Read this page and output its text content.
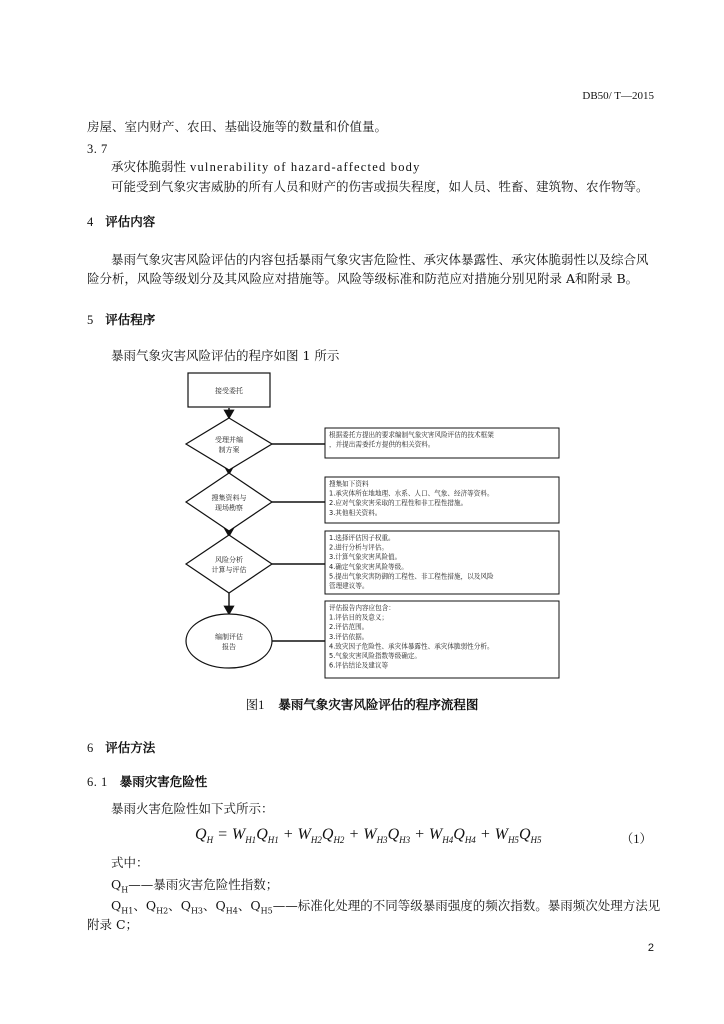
DB50/ T—2015
房屋、室内财产、农田、基础设施等的数量和价值量。
3. 7
承灾体脆弱性 vulnerability of hazard-affected body
可能受到气象灾害威胁的所有人员和财产的伤害或损失程度，如人员、牲畜、建筑物、农作物等。
4 评估内容
暴雨气象灾害风险评估的内容包括暴雨气象灾害危险性、承灾体暴露性、承灾体脆弱性以及综合风
险分析，风险等级划分及其风险应对措施等。风险等级标准和防范应对措施分别见附录 A和附录 B。
5 评估程序
暴雨气象灾害风险评估的程序如图 1 所示
接受委托
受理并编
制方案
搜集资料与
现场勘察
风险分析
计算与评估
编制评估
报告
根据委托方提出的要求编制气象灾害风险评估的技术框架
，并提出需委托方提供的相关资料。
搜集如下资料
1.承灾体所在地地理、水系、人口、气象、经济等资料。
2.应对气象灾害采取的工程性和非工程性措施。
3.其他相关资料。
1.选择评估因子权重。
2.进行分析与评估。
3.计算气象灾害风险值。
4.确定气象灾害风险等级。
5.提出气象灾害防御的工程性、非工程性措施，以及风险
管理建议等。
评估报告内容应包含：
1.评估目的及意义；
2.评估范围。
3.评估依据。
4.致灾因子危险性、承灾体暴露性、承灾体脆弱性分析。
5.气象灾害风险指数等级确定。
6.评估结论及建议等
图1 暴雨气象灾害风险评估的程序流程图
6 评估方法
6. 1 暴雨灾害危险性
暴雨火害危险性如下式所示：
$Q_H = W_{H1}Q_{H1} + W_{H2}Q_{H2} + W_{H3}Q_{H3} + W_{H4}Q_{H4} + W_{H5}Q_{H5}$	（1）
式中：
$Q_H——$暴雨灾害危险性指数；
$Q_{H1}$、$Q_{H2}$、$Q_{H3}$、$Q_{H4}$、$Q_{H5}——$标准化处理的不同等级暴雨强度的频次指数。暴雨频次处理方法见
附录 C；
2
